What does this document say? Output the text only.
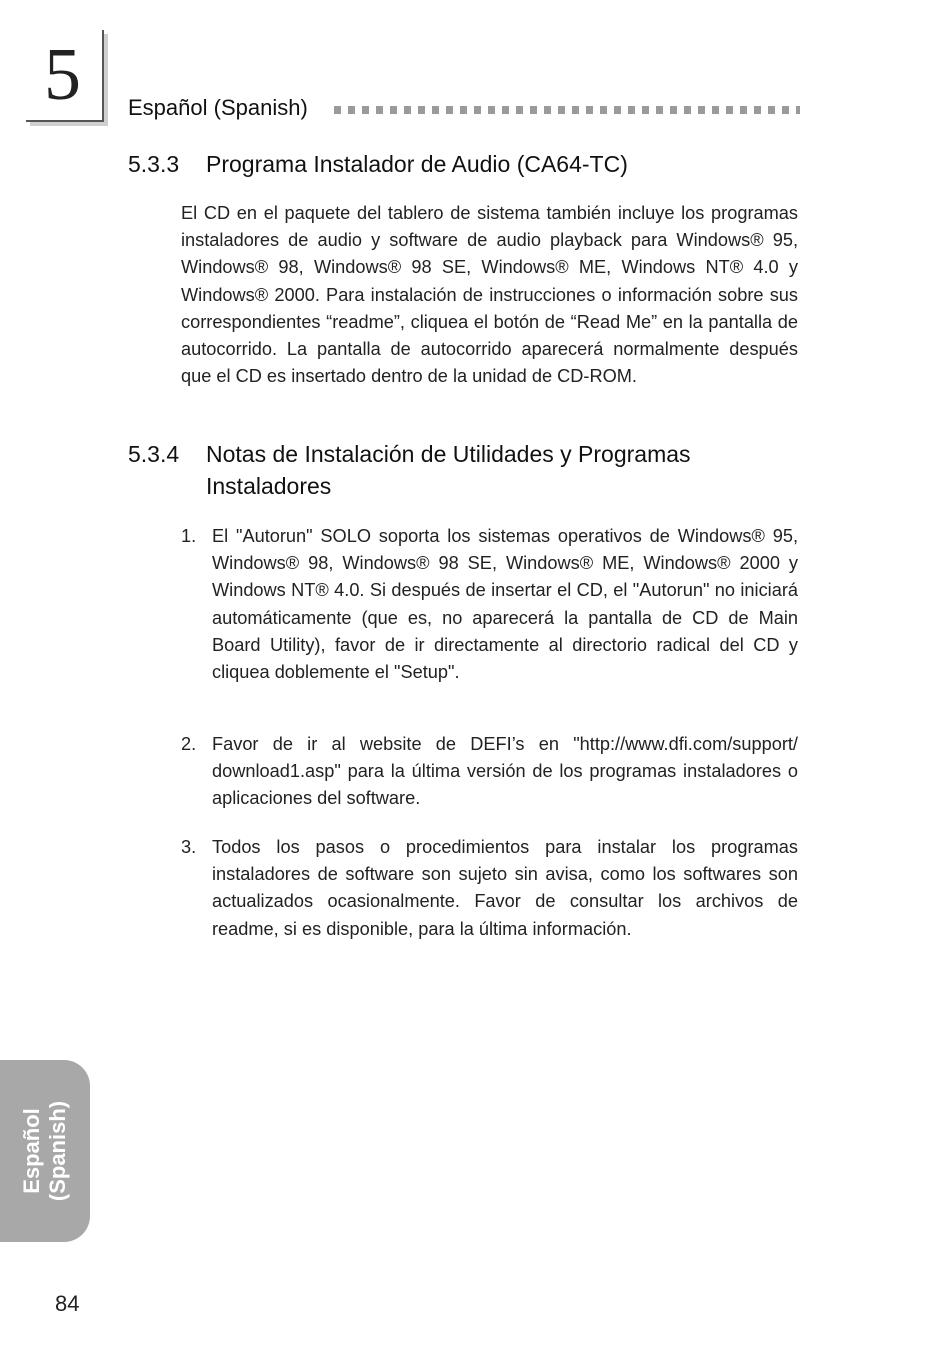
5 Español (Spanish)
5.3.3 Programa Instalador de Audio (CA64-TC)

El CD en el paquete del tablero de sistema también incluye los programas instaladores de audio y software de audio playback para Windows® 95, Windows® 98, Windows® 98 SE, Windows® ME, Windows NT® 4.0 y Windows® 2000. Para instalación de instrucciones o información sobre sus correspondientes “readme”, cliquea el botón de “Read Me” en la pantalla de autocorrido. La pantalla de autocorrido aparecerá normalmente después que el CD es insertado dentro de la unidad de CD-ROM.

5.3.4 Notas de Instalación de Utilidades y Programas
Instaladores
1. El "Autorun" SOLO soporta los sistemas operativos de Windows® 95, Windows® 98, Windows® 98 SE, Windows® ME, Windows® 2000 y Windows NT® 4.0. Si después de insertar el CD, el "Autorun" no iniciará automáticamente (que es, no aparecerá la pantalla de CD de Main Board Utility), favor de ir directamente al directorio radical del CD y cliquea doblemente el "Setup".
2. Favor de ir al website de DEFI’s en "http://www.dfi.com/support/ download1.asp" para la última versión de los programas instaladores o aplicaciones del software.
3. Todos los pasos o procedimientos para instalar los programas instaladores de software son sujeto sin avisa, como los softwares son actualizados ocasionalmente. Favor de consultar los archivos de readme, si es disponible, para la última información.
Español (Spanish)
84
